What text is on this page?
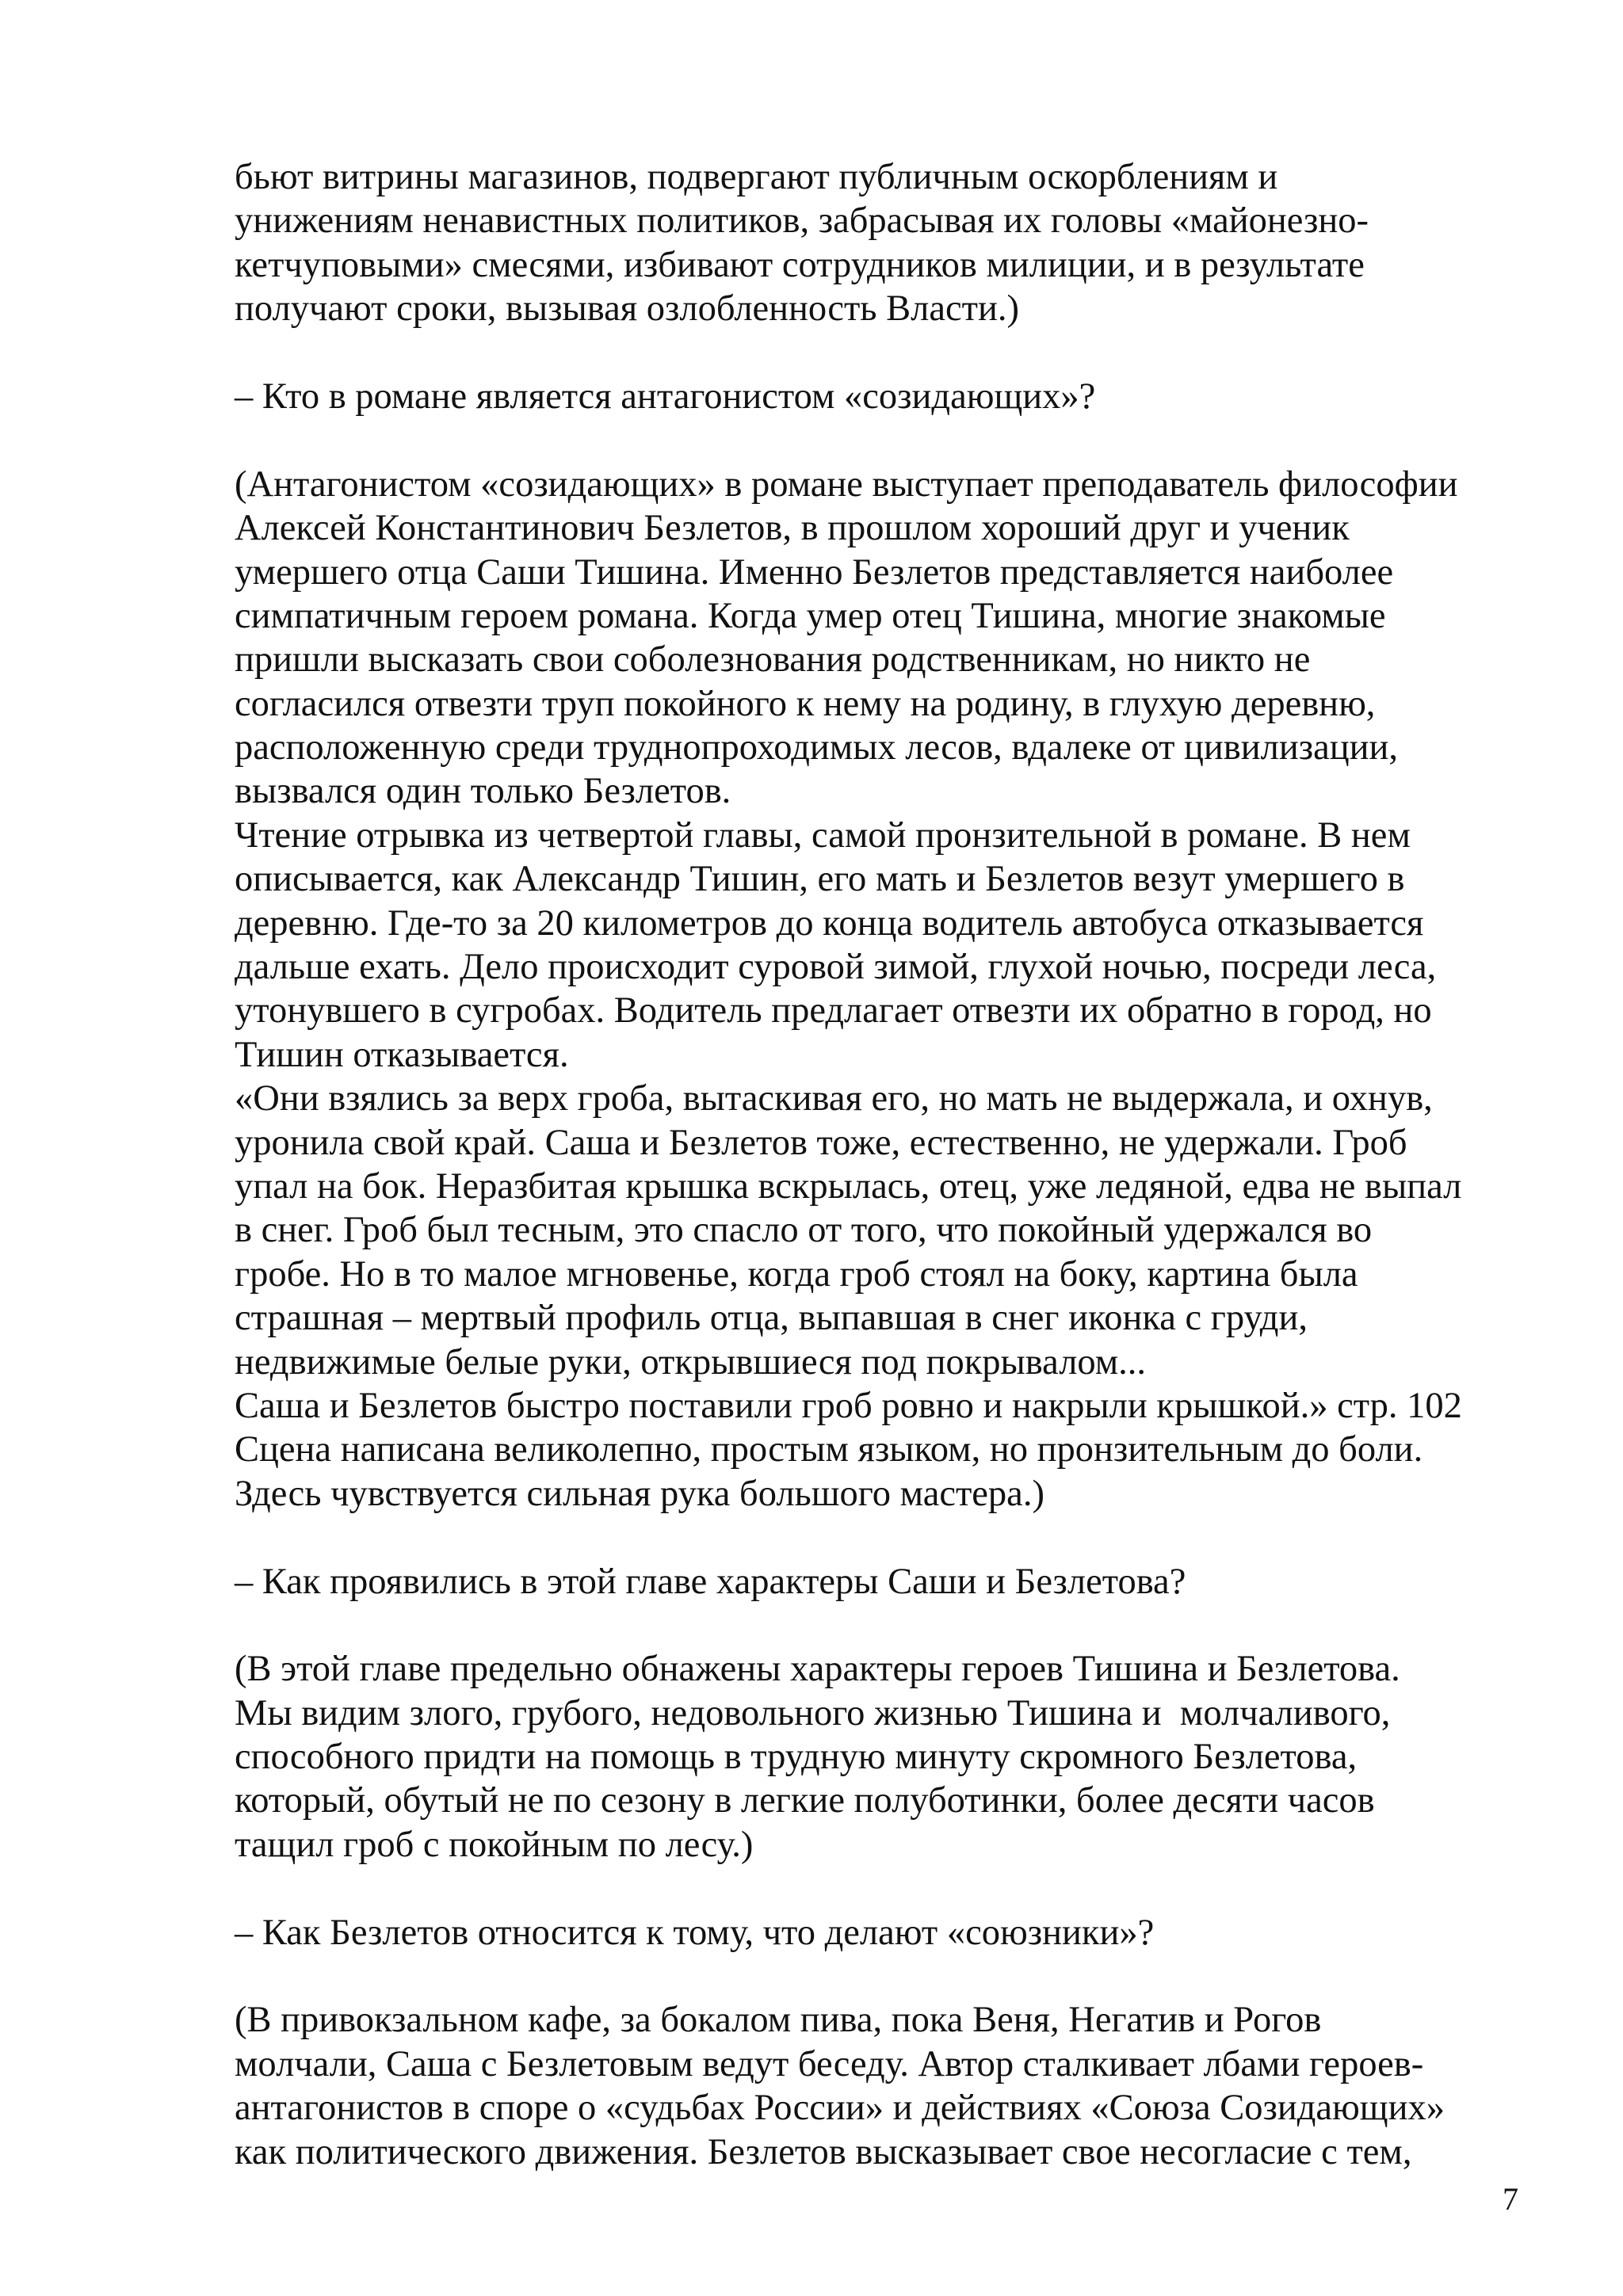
бьют витрины магазинов, подвергают публичным оскорблениям и
унижениям ненавистных политиков, забрасывая их головы «майонезно-
кетчуповыми» смесями, избивают сотрудников милиции, и в результате
получают сроки, вызывая озлобленность Власти.)
– Кто в романе является антагонистом «созидающих»?
(Антагонистом «созидающих» в романе выступает преподаватель философии
Алексей Константинович Безлетов, в прошлом хороший друг и ученик
умершего отца Саши Тишина. Именно Безлетов представляется наиболее
симпатичным героем романа. Когда умер отец Тишина, многие знакомые
пришли высказать свои соболезнования родственникам, но никто не
согласился отвезти труп покойного к нему на родину, в глухую деревню,
расположенную среди труднопроходимых лесов, вдалеке от цивилизации,
вызвался один только Безлетов.
Чтение отрывка из четвертой главы, самой пронзительной в романе. В нем
описывается, как Александр Тишин, его мать и Безлетов везут умершего в
деревню. Где-то за 20 километров до конца водитель автобуса отказывается
дальше ехать. Дело происходит суровой зимой, глухой ночью, посреди леса,
утонувшего в сугробах. Водитель предлагает отвезти их обратно в город, но
Тишин отказывается.
«Они взялись за верх гроба, вытаскивая его, но мать не выдержала, и охнув,
уронила свой край. Саша и Безлетов тоже, естественно, не удержали. Гроб
упал на бок. Неразбитая крышка вскрылась, отец, уже ледяной, едва не выпал
в снег. Гроб был тесным, это спасло от того, что покойный удержался во
гробе. Но в то малое мгновенье, когда гроб стоял на боку, картина была
страшная – мертвый профиль отца, выпавшая в снег иконка с груди,
недвижимые белые руки, открывшиеся под покрывалом...
Саша и Безлетов быстро поставили гроб ровно и накрыли крышкой.» стр. 102
Сцена написана великолепно, простым языком, но пронзительным до боли.
Здесь чувствуется сильная рука большого мастера.)
– Как проявились в этой главе характеры Саши и Безлетова?
(В этой главе предельно обнажены характеры героев Тишина и Безлетова.
Мы видим злого, грубого, недовольного жизнью Тишина и  молчаливого,
способного придти на помощь в трудную минуту скромного Безлетова,
который, обутый не по сезону в легкие полуботинки, более десяти часов
тащил гроб с покойным по лесу.)
– Как Безлетов относится к тому, что делают «союзники»?
(В привокзальном кафе, за бокалом пива, пока Веня, Негатив и Рогов
молчали, Саша с Безлетовым ведут беседу. Автор сталкивает лбами героев-
антагонистов в споре о «судьбах России» и действиях «Союза Созидающих»
как политического движения. Безлетов высказывает свое несогласие с тем,
7
